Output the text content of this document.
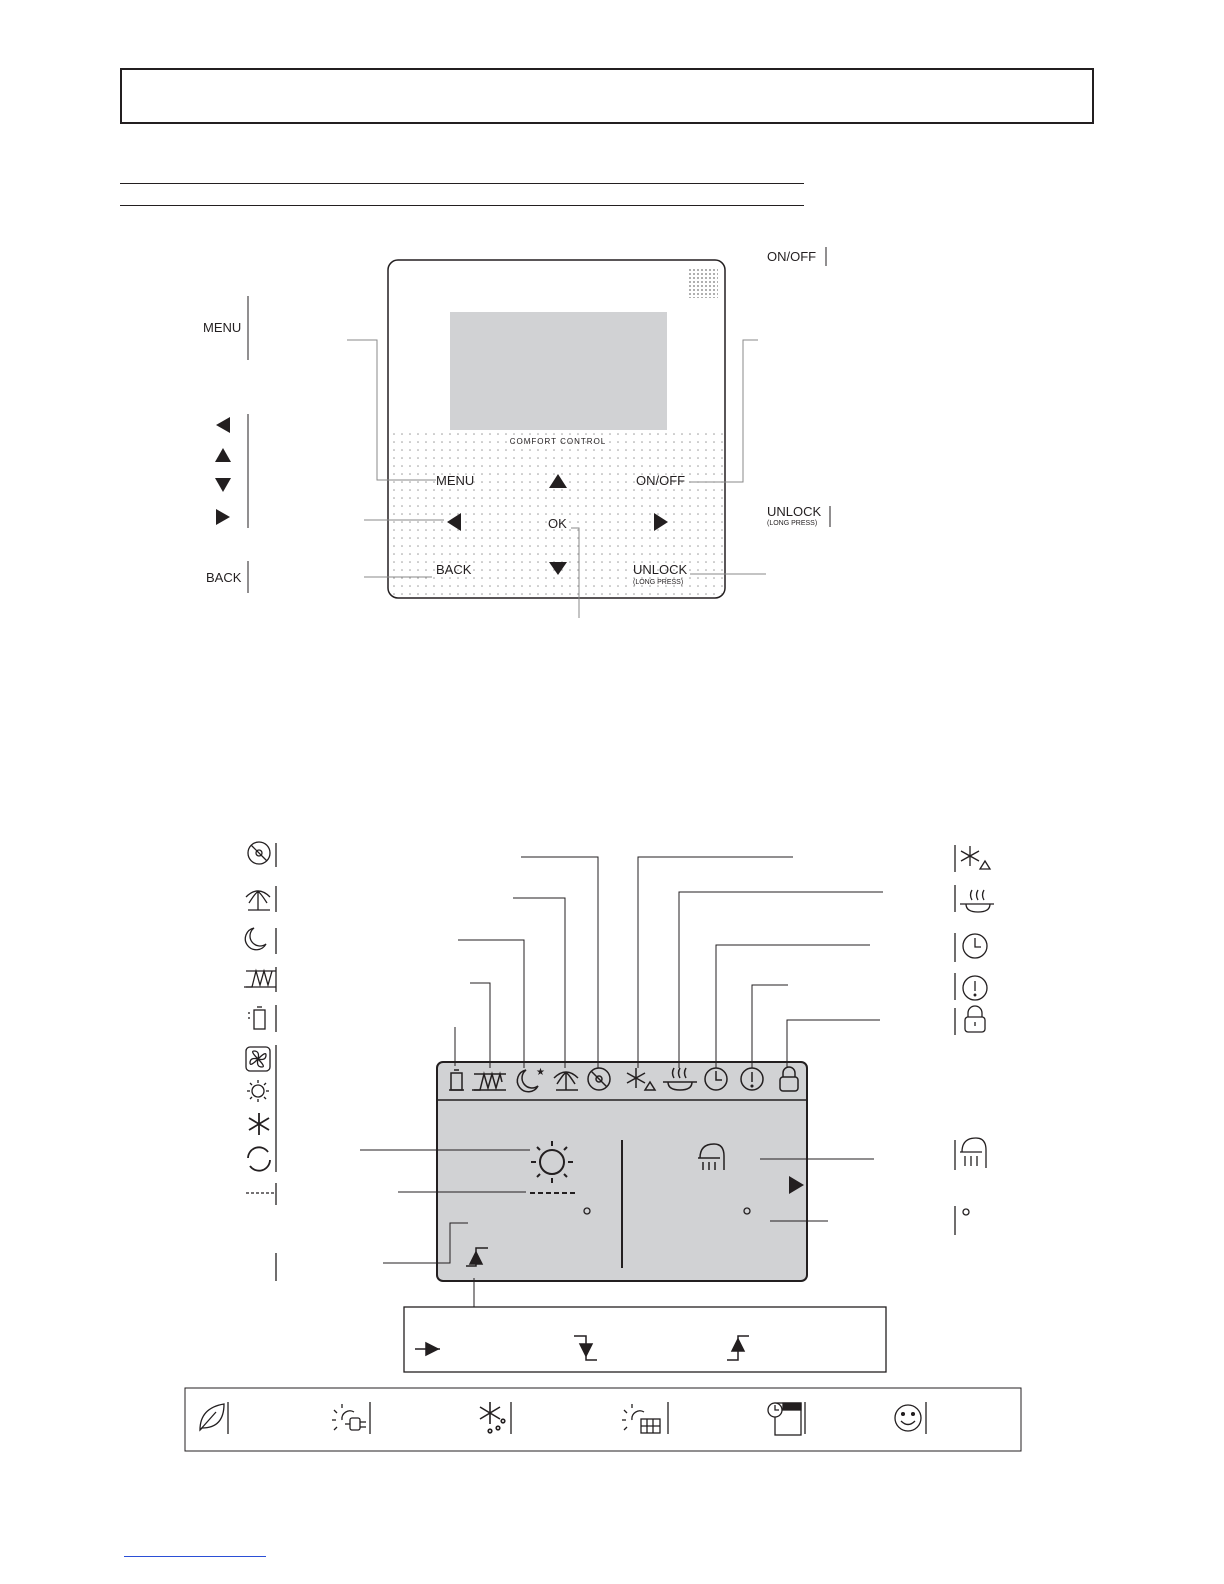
COMFORT CONTROL
MENU	ON/OFF
OK
BACK	UNLOCK
(LONG PRESS)
MENU
BACK
ON/OFF
UNLOCK
(LONG PRESS)
★
